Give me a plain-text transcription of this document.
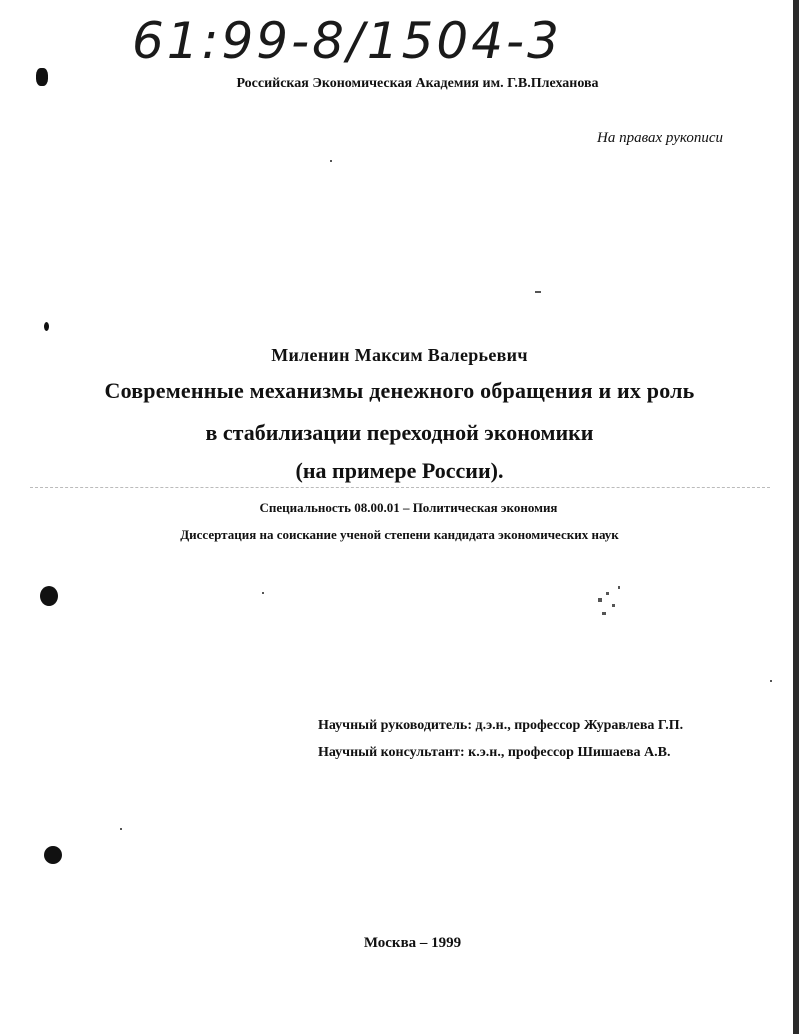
61:99-8/1504-3
Российская Экономическая Академия им. Г.В.Плеханова
На правах рукописи
Миленин Максим Валерьевич
Современные механизмы денежного обращения и их роль
в стабилизации переходной экономики
(на примере России).
Специальность 08.00.01 – Политическая экономия
Диссертация на соискание ученой степени кандидата экономических наук
Научный руководитель: д.э.н., профессор Журавлева Г.П.
Научный консультант: к.э.н., профессор Шишаева А.В.
Москва – 1999
